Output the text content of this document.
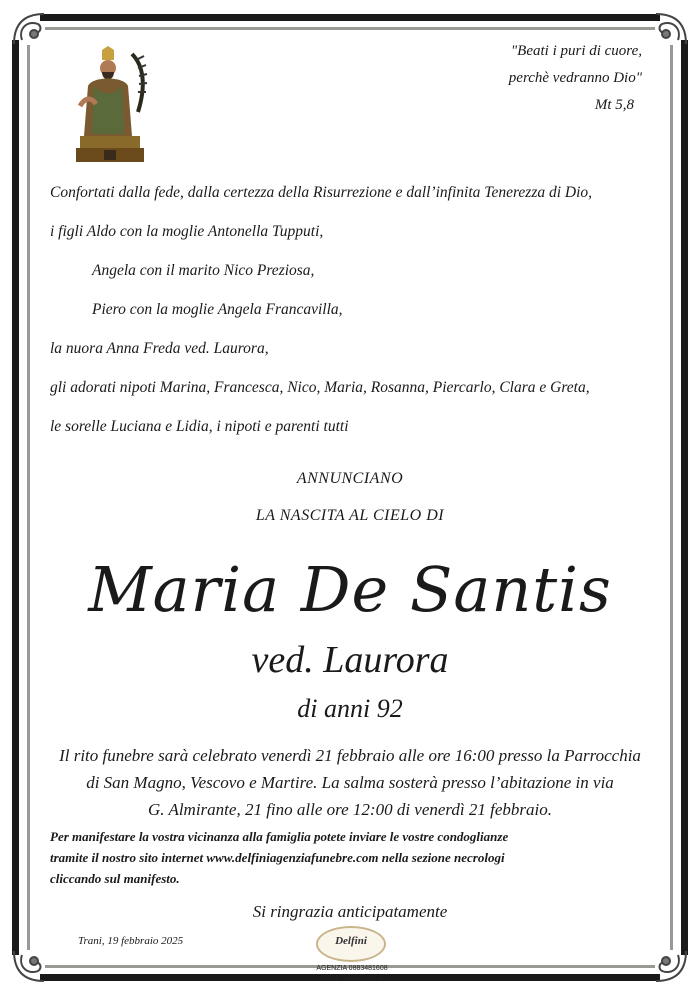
"Beati i puri di cuore,
perchè vedranno Dio"
Mt 5,8
Confortati dalla fede, dalla certezza della Risurrezione e dall’infinita Tenerezza di Dio,
i figli Aldo con la moglie Antonella Tupputi,
Angela con il marito Nico Preziosa,
Piero con la moglie Angela Francavilla,
la nuora Anna Freda ved. Laurora,
gli adorati nipoti Marina, Francesca, Nico, Maria, Rosanna, Piercarlo, Clara e Greta,
le sorelle Luciana e Lidia, i nipoti e parenti tutti
ANNUNCIANO
LA NASCITA AL CIELO DI
Maria De Santis
ved. Laurora
di anni 92
Il rito funebre sarà celebrato venerdì 21 febbraio alle ore 16:00 presso la Parrocchia
di San Magno, Vescovo e Martire. La salma sosterà presso l’abitazione in via
G. Almirante, 21 fino alle ore 12:00 di venerdì 21 febbraio.
Per manifestare la vostra vicinanza alla famiglia potete inviare le vostre condoglianze
tramite il nostro sito internet www.delfiniagenziafunebre.com nella sezione necrologi
cliccando sul manifesto.
Si ringrazia anticipatamente
Trani, 19 febbraio 2025	Delfini
AGENZIA 0883481608
CELL. 3474808864
